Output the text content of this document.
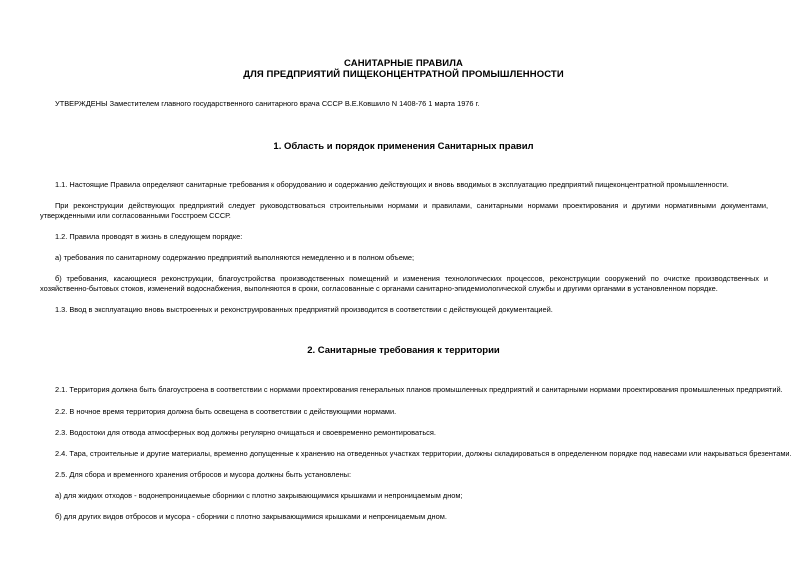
САНИТАРНЫЕ ПРАВИЛА
ДЛЯ ПРЕДПРИЯТИЙ ПИЩЕКОНЦЕНТРАТНОЙ ПРОМЫШЛЕННОСТИ
УТВЕРЖДЕНЫ Заместителем главного государственного санитарного врача СССР В.Е.Ковшило N 1408-76 1 марта 1976 г.
1. Область и порядок применения Санитарных правил
1.1. Настоящие Правила определяют санитарные требования к оборудованию и содержанию действующих и вновь вводимых в эксплуатацию предприятий пищеконцентратной промышленности.
При реконструкции действующих предприятий следует руководствоваться строительными нормами и правилами, санитарными нормами проектирования и другими нормативными документами, утвержденными или согласованными Госстроем СССР.
1.2. Правила проводят в жизнь в следующем порядке:
а) требования по санитарному содержанию предприятий выполняются немедленно и в полном объеме;
б) требования, касающиеся реконструкции, благоустройства производственных помещений и изменения технологических процессов, реконструкции сооружений по очистке производственных и хозяйственно-бытовых стоков, изменений водоснабжения, выполняются в сроки, согласованные с органами санитарно-эпидемиологической службы и другими органами в установленном порядке.
1.3. Ввод в эксплуатацию вновь выстроенных и реконструированных предприятий производится в соответствии с действующей документацией.
2. Санитарные требования к территории
2.1. Территория должна быть благоустроена в соответствии с нормами проектирования генеральных планов промышленных предприятий и санитарными нормами проектирования промышленных предприятий.
2.2. В ночное время территория должна быть освещена в соответствии с действующими нормами.
2.3. Водостоки для отвода атмосферных вод должны регулярно очищаться и своевременно ремонтироваться.
2.4. Тара, строительные и другие материалы, временно допущенные к хранению на отведенных участках территории, должны складироваться в определенном порядке под навесами или накрываться брезентами.
2.5. Для сбора и временного хранения отбросов и мусора должны быть установлены:
а) для жидких отходов - водонепроницаемые сборники с плотно закрывающимися крышками и непроницаемым дном;
б) для других видов отбросов и мусора - сборники с плотно закрывающимися крышками и непроницаемым дном.
